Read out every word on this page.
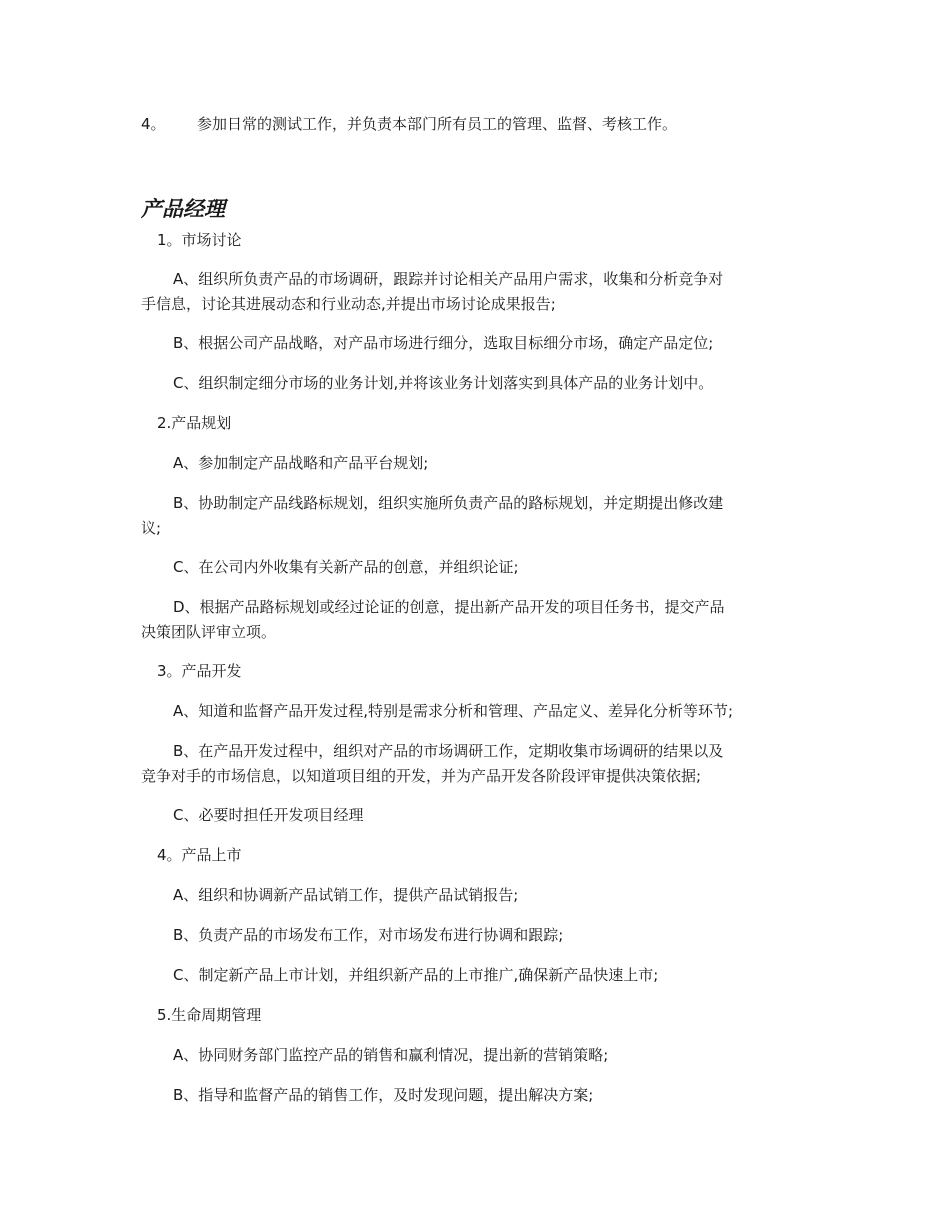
4。 参加日常的测试工作，并负责本部门所有员工的管理、监督、考核工作。
产品经理
1。市场讨论
A、组织所负责产品的市场调研，跟踪并讨论相关产品用户需求，收集和分析竞争对
手信息，讨论其进展动态和行业动态,并提出市场讨论成果报告;
B、根据公司产品战略，对产品市场进行细分，选取目标细分市场，确定产品定位;
C、组织制定细分市场的业务计划,并将该业务计划落实到具体产品的业务计划中。
2.产品规划
A、参加制定产品战略和产品平台规划;
B、协助制定产品线路标规划，组织实施所负责产品的路标规划，并定期提出修改建
议;
C、在公司内外收集有关新产品的创意，并组织论证;
D、根据产品路标规划或经过论证的创意，提出新产品开发的项目任务书，提交产品
决策团队评审立项。
3。产品开发
A、知道和监督产品开发过程,特别是需求分析和管理、产品定义、差异化分析等环节;
B、在产品开发过程中，组织对产品的市场调研工作，定期收集市场调研的结果以及
竞争对手的市场信息，以知道项目组的开发，并为产品开发各阶段评审提供决策依据;
C、必要时担任开发项目经理
4。产品上市
A、组织和协调新产品试销工作，提供产品试销报告;
B、负责产品的市场发布工作，对市场发布进行协调和跟踪;
C、制定新产品上市计划，并组织新产品的上市推广,确保新产品快速上市;
5.生命周期管理
A、协同财务部门监控产品的销售和赢利情况，提出新的营销策略;
B、指导和监督产品的销售工作，及时发现问题，提出解决方案;
